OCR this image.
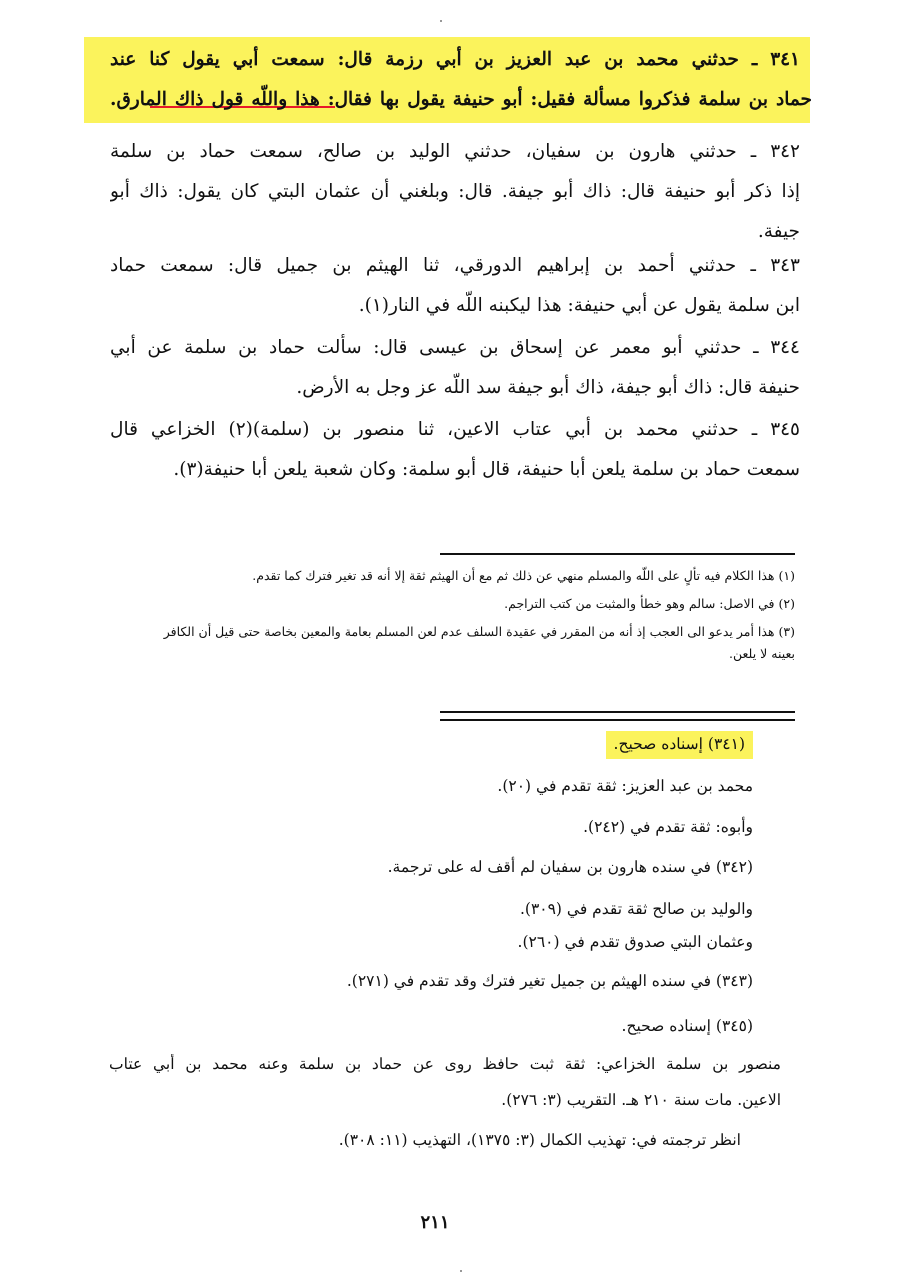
٣٤١ ـ حدثني محمد بن عبد العزيز بن أبي رزمة قال: سمعت أبي يقول كنا عند
حماد بن سلمة فذكروا مسألة فقيل: أبو حنيفة يقول بها فقال: هذا واللّه قول ذاك المارق.
٣٤٢ ـ حدثني هارون بن سفيان، حدثني الوليد بن صالح، سمعت حماد بن سلمة
إذا ذكر أبو حنيفة قال: ذاك أبو جيفة. قال: وبلغني أن عثمان البتي كان يقول: ذاك أبو
جيفة.
٣٤٣ ـ حدثني أحمد بن إبراهيم الدورقي، ثنا الهيثم بن جميل قال: سمعت حماد
ابن سلمة يقول عن أبي حنيفة: هذا ليكبنه اللّه في النار(١).
٣٤٤ ـ حدثني أبو معمر عن إسحاق بن عيسى قال: سألت حماد بن سلمة عن أبي
حنيفة قال: ذاك أبو جيفة، ذاك أبو جيفة سد اللّه عز وجل به الأرض.
٣٤٥ ـ حدثني محمد بن أبي عتاب الاعين، ثنا منصور بن (سلمة)(٢) الخزاعي قال
سمعت حماد بن سلمة يلعن أبا حنيفة، قال أبو سلمة: وكان شعبة يلعن أبا حنيفة(٣).
(١) هذا الكلام فيه تألٍ على اللّه والمسلم منهي عن ذلك ثم مع أن الهيثم ثقة إلا أنه قد تغير فترك كما تقدم.
(٢) في الاصل: سالم وهو خطأ والمثبت من كتب التراجم.
(٣) هذا أمر يدعو الى العجب إذ أنه من المقرر في عقيدة السلف عدم لعن المسلم بعامة والمعين بخاصة حتى قيل أن الكافر
بعينه لا يلعن.
(٣٤١) إسناده صحيح.
محمد بن عبد العزيز: ثقة تقدم في (٢٠).
وأبوه: ثقة تقدم في (٢٤٢).
(٣٤٢) في سنده هارون بن سفيان لم أقف له على ترجمة.
والوليد بن صالح ثقة تقدم في (٣٠٩).
وعثمان البتي صدوق تقدم في (٢٦٠).
(٣٤٣) في سنده الهيثم بن جميل تغير فترك وقد تقدم في (٢٧١).
(٣٤٥) إسناده صحيح.
منصور بن سلمة الخزاعي: ثقة ثبت حافظ روى عن حماد بن سلمة وعنه محمد بن أبي عتاب
الاعين. مات سنة ٢١٠ هـ. التقريب (٣: ٢٧٦).
انظر ترجمته في: تهذيب الكمال (٣: ١٣٧٥)، التهذيب (١١: ٣٠٨).
٢١١
